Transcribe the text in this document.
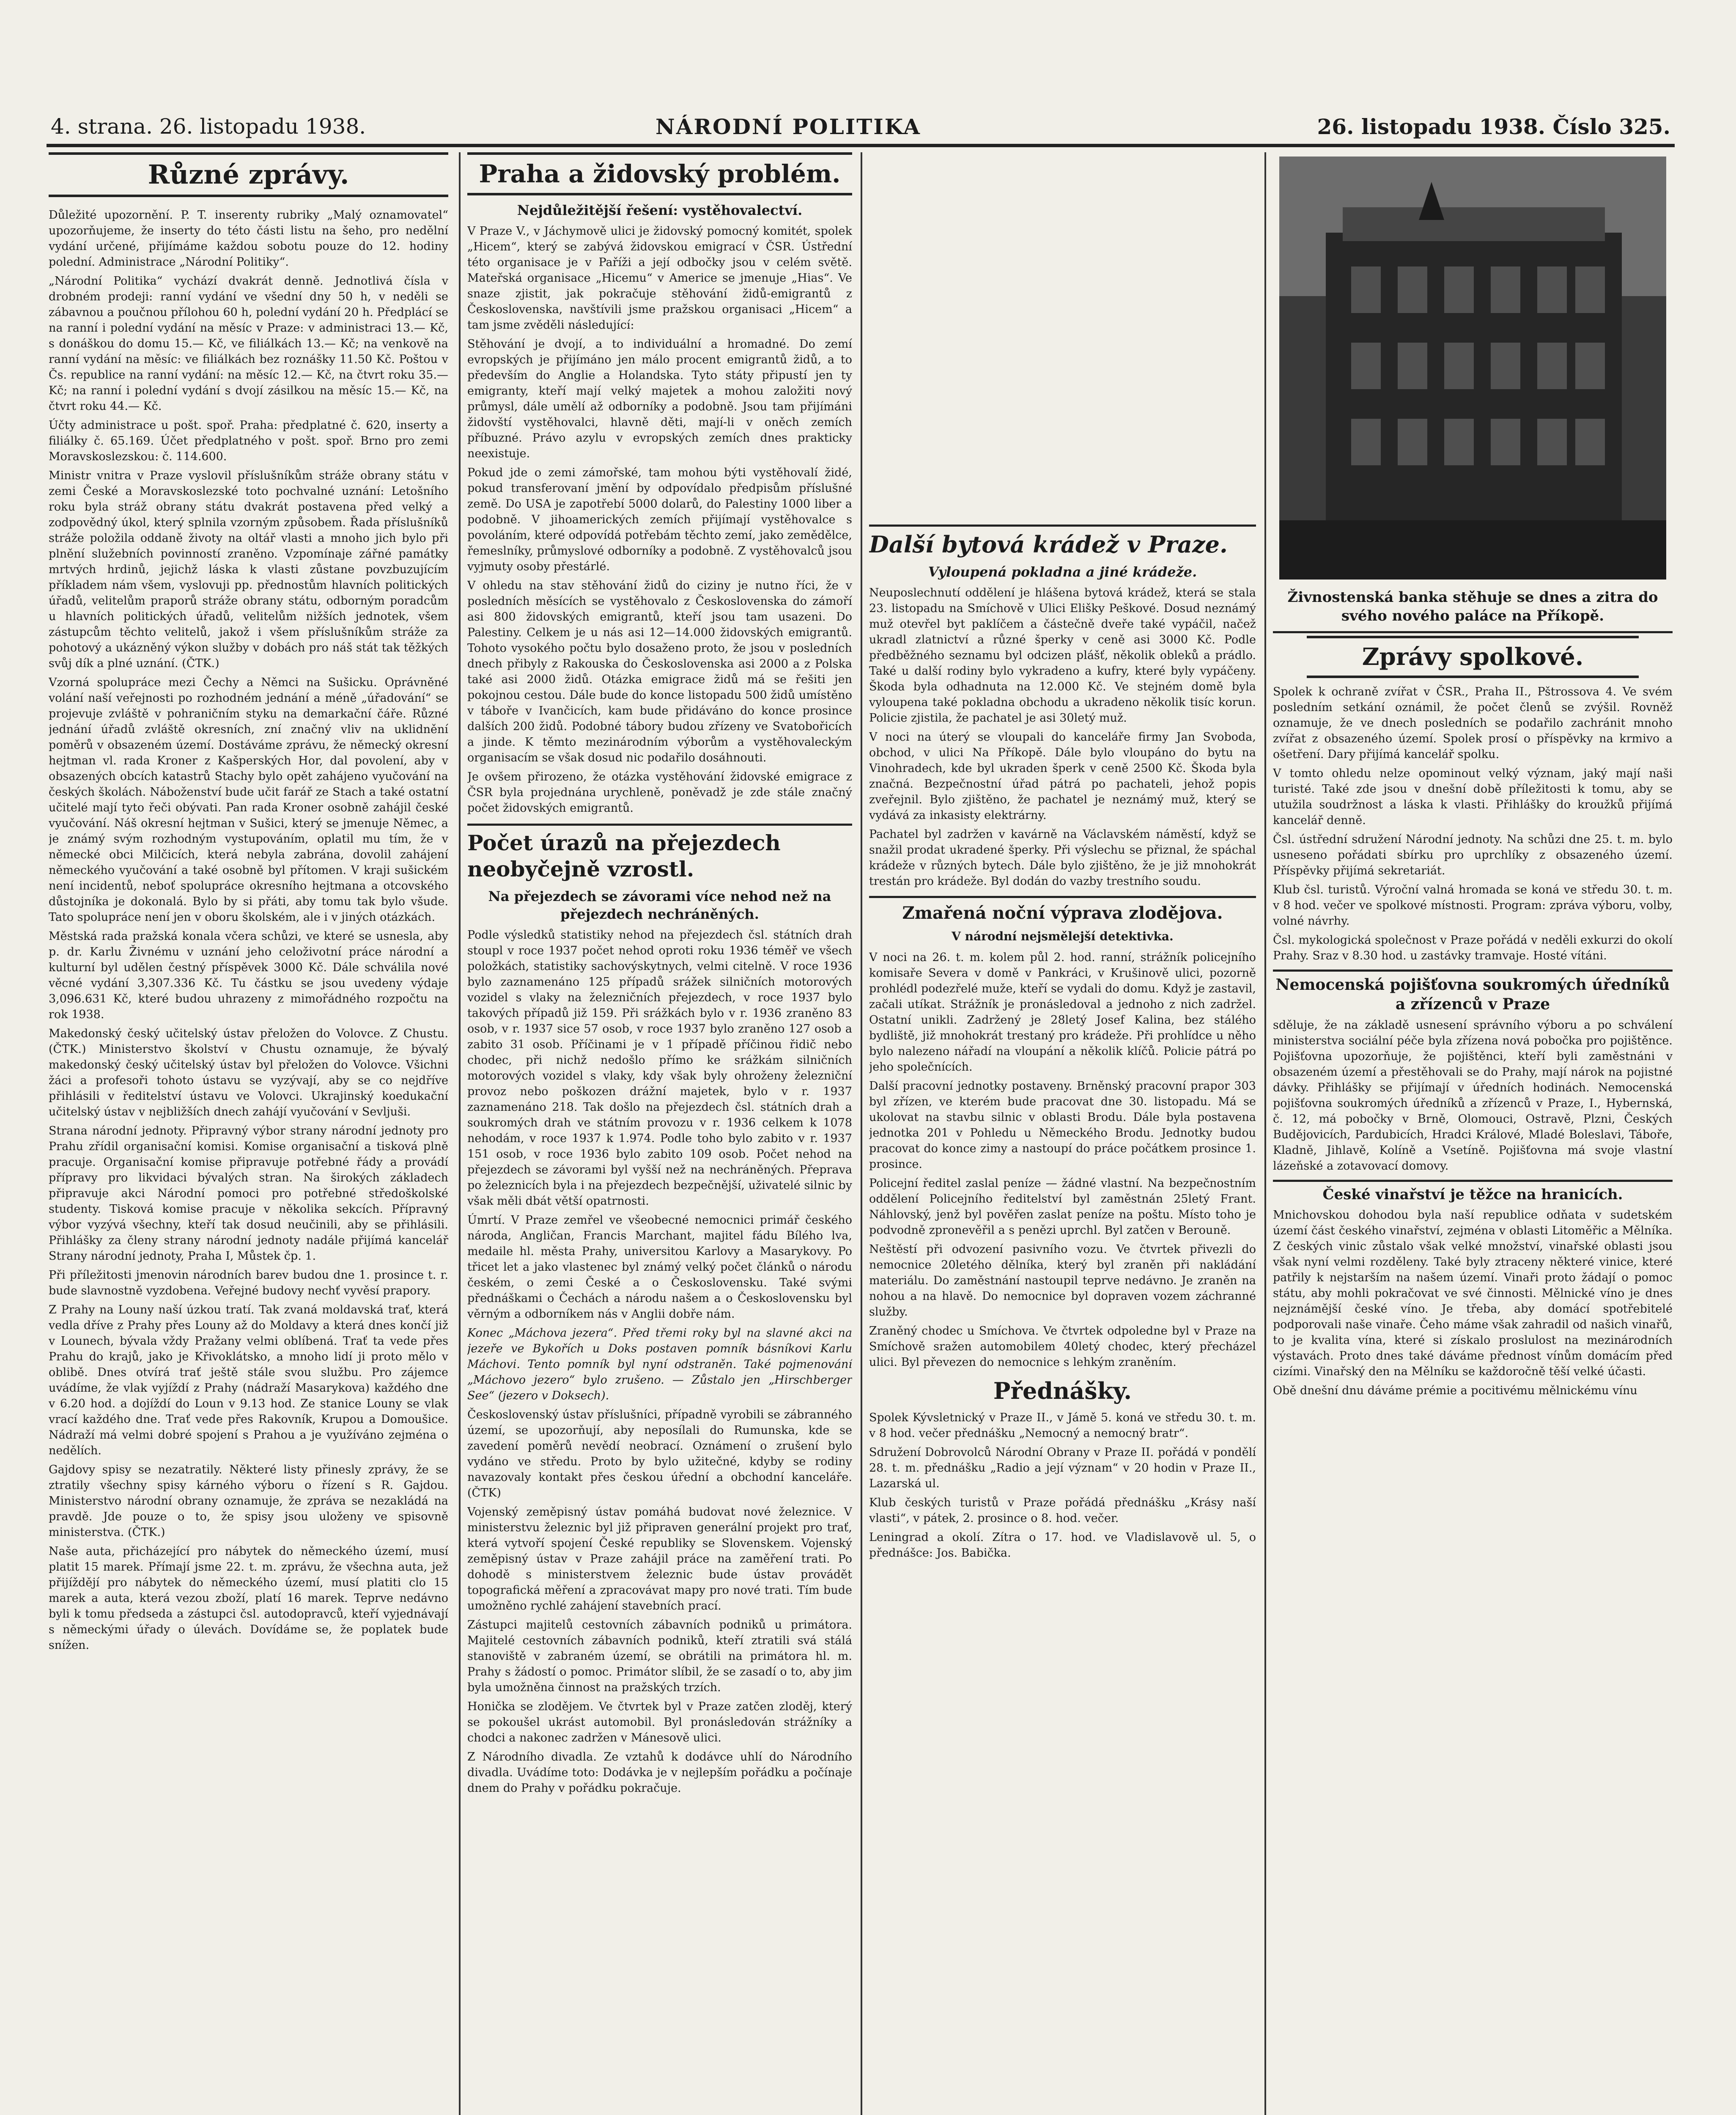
4. strana. 26. listopadu 1938.	NÁRODNÍ POLITIKA	26. listopadu 1938. Číslo 325.
Různé zprávy.

Důležité upozornění. P. T. inserenty rubriky „Malý oznamovatel“ upozorňujeme, že inserty do této části listu na šeho, pro nedělní vydání určené, přijímáme každou sobotu pouze do 12. hodiny polední. Administrace „Národní Politiky“.

„Národní Politika“ vychází dvakrát denně. Jednotlivá čísla v drobném prodeji: ranní vydání ve všední dny 50 h, v neděli se zábavnou a poučnou přílohou 60 h, polední vydání 20 h. Předplácí se na ranní i polední vydání na měsíc v Praze: v administraci 13.— Kč, s donáškou do domu 15.— Kč, ve filiálkách 13.— Kč; na venkově na ranní vydání na měsíc: ve filiálkách bez roznášky 11.50 Kč. Poštou v Čs. republice na ranní vydání: na měsíc 12.— Kč, na čtvrt roku 35.— Kč; na ranní i polední vydání s dvojí zásilkou na měsíc 15.— Kč, na čtvrt roku 44.— Kč.

Účty administrace u pošt. spoř. Praha: předplatné č. 620, inserty a filiálky č. 65.169. Účet předplatného v pošt. spoř. Brno pro zemi Moravskoslezskou: č. 114.600.

Ministr vnitra v Praze vyslovil příslušníkům stráže obrany státu v zemi České a Moravskoslezské toto pochvalné uznání: Letošního roku byla stráž obrany státu dvakrát postavena před velký a zodpovědný úkol, který splnila vzorným způsobem. Řada příslušníků stráže položila oddaně životy na oltář vlasti a mnoho jich bylo při plnění služebních povinností zraněno. Vzpomínaje zářné památky mrtvých hrdinů, jejichž láska k vlasti zůstane povzbuzujícím příkladem nám všem, vyslovuji pp. přednostům hlavních politických úřadů, velitelům praporů stráže obrany státu, odborným poradcům u hlavních politických úřadů, velitelům nižších jednotek, všem zástupcům těchto velitelů, jakož i všem příslušníkům stráže za pohotový a ukázněný výkon služby v dobách pro náš stát tak těžkých svůj dík a plné uznání. (ČTK.)

Vzorná spolupráce mezi Čechy a Němci na Sušicku. Oprávněné volání naší veřejnosti po rozhodném jednání a méně „úřadování“ se projevuje zvláště v pohraničním styku na demarkační čáře. Různé jednání úřadů zvláště okresních, zní značný vliv na uklidnění poměrů v obsazeném území. Dostáváme zprávu, že německý okresní hejtman vl. rada Kroner z Kašperských Hor, dal povolení, aby v obsazených obcích katastrů Stachy bylo opět zahájeno vyučování na českých školách. Náboženství bude učit farář ze Stach a také ostatní učitelé mají tyto řeči obývati. Pan rada Kroner osobně zahájil české vyučování. Náš okresní hejtman v Sušici, který se jmenuje Němec, a je známý svým rozhodným vystupováním, oplatil mu tím, že v německé obci Milčicích, která nebyla zabrána, dovolil zahájení německého vyučování a také osobně byl přítomen. V kraji sušickém není incidentů, neboť spolupráce okresního hejtmana a otcovského důstojníka je dokonalá. Bylo by si přáti, aby tomu tak bylo všude. Tato spolupráce není jen v oboru školském, ale i v jiných otázkách.

Městská rada pražská konala včera schůzi, ve které se usnesla, aby p. dr. Karlu Živnému v uznání jeho celoživotní práce národní a kulturní byl udělen čestný příspěvek 3000 Kč. Dále schválila nové věcné vydání 3,307.336 Kč. Tu částku se jsou uvedeny výdaje 3,096.631 Kč, které budou uhrazeny z mimořádného rozpočtu na rok 1938.

Makedonský český učitelský ústav přeložen do Volovce. Z Chustu. (ČTK.) Ministerstvo školství v Chustu oznamuje, že bývalý makedonský český učitelský ústav byl přeložen do Volovce. Všichni žáci a profesoři tohoto ústavu se vyzývají, aby se co nejdříve přihlásili v ředitelství ústavu ve Volovci. Ukrajinský koedukační učitelský ústav v nejbližších dnech zahájí vyučování v Sevljuši.

Strana národní jednoty. Připravný výbor strany národní jednoty pro Prahu zřídil organisační komisi. Komise organisační a tisková plně pracuje. Organisační komise připravuje potřebné řády a provádí přípravy pro likvidaci bývalých stran. Na širokých základech připravuje akci Národní pomoci pro potřebné středoškolské studenty. Tisková komise pracuje v několika sekcích. Přípravný výbor vyzývá všechny, kteří tak dosud neučinili, aby se přihlásili. Přihlášky za členy strany národní jednoty nadále přijímá kancelář Strany národní jednoty, Praha I, Můstek čp. 1.

Při příležitosti jmenovin národních barev budou dne 1. prosince t. r. bude slavnostně vyzdobena. Veřejné budovy nechť vyvěsí prapory.

Z Prahy na Louny naší úzkou tratí. Tak zvaná moldavská trať, která vedla dříve z Prahy přes Louny až do Moldavy a která dnes končí již v Lounech, bývala vždy Pražany velmi oblíbená. Trať ta vede přes Prahu do krajů, jako je Křivoklátsko, a mnoho lidí ji proto mělo v oblibě. Dnes otvírá trať ještě stále svou službu. Pro zájemce uvádíme, že vlak vyjíždí z Prahy (nádraží Masarykova) každého dne v 6.20 hod. a dojíždí do Loun v 9.13 hod. Ze stanice Louny se vlak vrací každého dne. Trať vede přes Rakovník, Krupou a Domoušice. Nádraží má velmi dobré spojení s Prahou a je využíváno zejména o nedělích.

Gajdovy spisy se nezatratily. Některé listy přinesly zprávy, že se ztratily všechny spisy kárného výboru o řízení s R. Gajdou. Ministerstvo národní obrany oznamuje, že zpráva se nezakládá na pravdě. Jde pouze o to, že spisy jsou uloženy ve spisovně ministerstva. (ČTK.)

Naše auta, přicházející pro nábytek do německého území, musí platit 15 marek. Přímají jsme 22. t. m. zprávu, že všechna auta, jež přijíždějí pro nábytek do německého území, musí platiti clo 15 marek a auta, která vezou zboží, platí 16 marek. Teprve nedávno byli k tomu předseda a zástupci čsl. autodopravců, kteří vyjednávají s německými úřady o úlevách. Dovídáme se, že poplatek bude snížen.

Praha a židovský problém.
Nejdůležitější řešení: vystěhovalectví.

V Praze V., v Jáchymově ulici je židovský pomocný komitét, spolek „Hicem“, který se zabývá židovskou emigrací v ČSR. Ústřední této organisace je v Paříži a její odbočky jsou v celém světě. Mateřská organisace „Hicemu“ v Americe se jmenuje „Hias“. Ve snaze zjistit, jak pokračuje stěhování židů-emigrantů z Československa, navštívili jsme pražskou organisaci „Hicem“ a tam jsme zvěděli následující:

Stěhování je dvojí, a to individuální a hromadné. Do zemí evropských je přijímáno jen málo procent emigrantů židů, a to především do Anglie a Holandska. Tyto státy připustí jen ty emigranty, kteří mají velký majetek a mohou založiti nový průmysl, dále umělí až odborníky a podobně. Jsou tam přijímáni židovští vystěhovalci, hlavně děti, mají-li v oněch zemích příbuzné. Právo azylu v evropských zemích dnes prakticky neexistuje.

Pokud jde o zemi zámořské, tam mohou býti vystěhovalí židé, pokud transferovaní jmění by odpovídalo předpisům příslušné země. Do USA je zapotřebí 5000 dolarů, do Palestiny 1000 liber a podobně. V jihoamerických zemích přijímají vystěhovalce s povoláním, které odpovídá potřebám těchto zemí, jako zemědělce, řemeslníky, průmyslové odborníky a podobně. Z vystěhovalců jsou vyjmuty osoby přestárlé.

V ohledu na stav stěhování židů do ciziny je nutno říci, že v posledních měsících se vystěhovalo z Československa do zámoří asi 800 židovských emigrantů, kteří jsou tam usazeni. Do Palestiny. Celkem je u nás asi 12—14.000 židovských emigrantů. Tohoto vysokého počtu bylo dosaženo proto, že jsou v posledních dnech přibyly z Rakouska do Československa asi 2000 a z Polska také asi 2000 židů. Otázka emigrace židů má se řešiti jen pokojnou cestou. Dále bude do konce listopadu 500 židů umístěno v táboře v Ivančicích, kam bude přidáváno do konce prosince dalších 200 židů. Podobné tábory budou zřízeny ve Svatobořicích a jinde. K těmto mezinárodním výborům a vystěhovaleckým organisacím se však dosud nic podařilo dosáhnouti.

Je ovšem přirozeno, že otázka vystěhování židovské emigrace z ČSR byla projednána urychleně, poněvadž je zde stále značný počet židovských emigrantů.

Počet úrazů na přejezdech neobyčejně vzrostl.
Na přejezdech se závorami více nehod než na přejezdech nechráněných.

Podle výsledků statistiky nehod na přejezdech čsl. státních drah stoupl v roce 1937 počet nehod oproti roku 1936 téměř ve všech položkách, statistiky sachovýskytnych, velmi citelně. V roce 1936 bylo zaznamenáno 125 případů srážek silničních motorových vozidel s vlaky na železničních přejezdech, v roce 1937 bylo takových případů již 159. Při srážkách bylo v r. 1936 zraněno 83 osob, v r. 1937 sice 57 osob, v roce 1937 bylo zraněno 127 osob a zabito 31 osob. Příčinami je v 1 případě příčinou řidič nebo chodec, při nichž nedošlo přímo ke srážkám silničních motorových vozidel s vlaky, kdy však byly ohroženy železniční provoz nebo poškozen drážní majetek, bylo v r. 1937 zaznamenáno 218. Tak došlo na přejezdech čsl. státních drah a soukromých drah ve státním provozu v r. 1936 celkem k 1078 nehodám, v roce 1937 k 1.974. Podle toho bylo zabito v r. 1937 151 osob, v roce 1936 bylo zabito 109 osob. Počet nehod na přejezdech se závorami byl vyšší než na nechráněných. Přeprava po železnicích byla i na přejezdech bezpečnější, uživatelé silnic by však měli dbát větší opatrnosti.

Úmrtí. V Praze zemřel ve všeobecné nemocnici primář českého národa, Angličan, Francis Marchant, majitel fádu Bílého lva, medaile hl. města Prahy, universitou Karlovy a Masarykovy. Po třicet let a jako vlastenec byl známý velký počet článků o národu českém, o zemi České a o Československu. Také svými přednáškami o Čechách a národu našem a o Československu byl věrným a odborníkem nás v Anglii dobře nám.

Konec „Máchova jezera“. Před třemi roky byl na slavné akci na jezeře ve Bykořích u Doks postaven pomník básníkovi Karlu Máchovi. Tento pomník byl nyní odstraněn. Také pojmenování „Máchovo jezero“ bylo zrušeno. — Zůstalo jen „Hirschberger See“ (jezero v Doksech).

Československý ústav příslušníci, případně vyrobili se zábranného území, se upozorňují, aby neposílali do Rumunska, kde se zavedení poměrů nevědí neobrací. Oznámení o zrušení bylo vydáno ve středu. Proto by bylo užitečné, kdyby se rodiny navazovaly kontakt přes českou úřední a obchodní kanceláře. (ČTK)

Vojenský zeměpisný ústav pomáhá budovat nové železnice. V ministerstvu železnic byl již připraven generální projekt pro trať, která vytvoří spojení České republiky se Slovenskem. Vojenský zeměpisný ústav v Praze zahájil práce na zaměření trati. Po dohodě s ministerstvem železnic bude ústav provádět topografická měření a zpracovávat mapy pro nové trati. Tím bude umožněno rychlé zahájení stavebních prací.

Zástupci majitelů cestovních zábavních podniků u primátora. Majitelé cestovních zábavních podniků, kteří ztratili svá stálá stanoviště v zabraném území, se obrátili na primátora hl. m. Prahy s žádostí o pomoc. Primátor slíbil, že se zasadí o to, aby jim byla umožněna činnost na pražských trzích.

Honička se zlodějem. Ve čtvrtek byl v Praze zatčen zloděj, který se pokoušel ukrást automobil. Byl pronásledován strážníky a chodci a nakonec zadržen v Mánesově ulici.

Z Národního divadla. Ze vztahů k dodávce uhlí do Národního divadla. Uvádíme toto: Dodávka je v nejlepším pořádku a počínaje dnem do Prahy v pořádku pokračuje.

Další bytová krádež v Praze.
Vyloupená pokladna a jiné krádeže.

Neuposlechnutí oddělení je hlášena bytová krádež, která se stala 23. listopadu na Smíchově v Ulici Elišky Peškové. Dosud neznámý muž otevřel byt paklíčem a částečně dveře také vypáčil, načež ukradl zlatnictví a různé šperky v ceně asi 3000 Kč. Podle předběžného seznamu byl odcizen plášť, několik obleků a prádlo. Také u další rodiny bylo vykradeno a kufry, které byly vypáčeny. Škoda byla odhadnuta na 12.000 Kč. Ve stejném domě byla vyloupena také pokladna obchodu a ukradeno několik tisíc korun. Policie zjistila, že pachatel je asi 30letý muž.

V noci na úterý se vloupali do kanceláře firmy Jan Svoboda, obchod, v ulici Na Příkopě. Dále bylo vloupáno do bytu na Vinohradech, kde byl ukraden šperk v ceně 2500 Kč. Škoda byla značná. Bezpečnostní úřad pátrá po pachateli, jehož popis zveřejnil. Bylo zjištěno, že pachatel je neznámý muž, který se vydává za inkasisty elektrárny.

Pachatel byl zadržen v kavárně na Václavském náměstí, když se snažil prodat ukradené šperky. Při výslechu se přiznal, že spáchal krádeže v různých bytech. Dále bylo zjištěno, že je již mnohokrát trestán pro krádeže. Byl dodán do vazby trestního soudu.

Zmařená noční výprava zlodějova.
V národní nejsmělejší detektivka.

V noci na 26. t. m. kolem půl 2. hod. ranní, strážník policejního komisaře Severa v domě v Pankráci, v Krušinově ulici, pozorně prohlédl podezřelé muže, kteří se vydali do domu. Když je zastavil, začali utíkat. Strážník je pronásledoval a jednoho z nich zadržel. Ostatní unikli. Zadržený je 28letý Josef Kalina, bez stálého bydliště, již mnohokrát trestaný pro krádeže. Při prohlídce u něho bylo nalezeno nářadí na vloupání a několik klíčů. Policie pátrá po jeho společnících.

Další pracovní jednotky postaveny. Brněnský pracovní prapor 303 byl zřízen, ve kterém bude pracovat dne 30. listopadu. Má se ukolovat na stavbu silnic v oblasti Brodu. Dále byla postavena jednotka 201 v Pohledu u Německého Brodu. Jednotky budou pracovat do konce zimy a nastoupí do práce počátkem prosince 1. prosince.

Policejní ředitel zaslal peníze — žádné vlastní. Na bezpečnostním oddělení Policejního ředitelství byl zaměstnán 25letý Frant. Náhlovský, jenž byl pověřen zaslat peníze na poštu. Místo toho je podvodně zpronevěřil a s penězi uprchl. Byl zatčen v Berouně.

Neštěstí při odvození pasivního vozu. Ve čtvrtek přivezli do nemocnice 20letého dělníka, který byl zraněn při nakládání materiálu. Do zaměstnání nastoupil teprve nedávno. Je zraněn na nohou a na hlavě. Do nemocnice byl dopraven vozem záchranné služby.

Zraněný chodec u Smíchova. Ve čtvrtek odpoledne byl v Praze na Smíchově sražen automobilem 40letý chodec, který přecházel ulici. Byl převezen do nemocnice s lehkým zraněním.

Přednášky.

Spolek Kývsletnický v Praze II., v Jámě 5. koná ve středu 30. t. m. v 8 hod. večer přednášku „Nemocný a nemocný bratr“.

Sdružení Dobrovolců Národní Obrany v Praze II. pořádá v pondělí 28. t. m. přednášku „Radio a její význam“ v 20 hodin v Praze II., Lazarská ul.

Klub českých turistů v Praze pořádá přednášku „Krásy naší vlasti“, v pátek, 2. prosince o 8. hod. večer.

Leningrad a okolí. Zítra o 17. hod. ve Vladislavově ul. 5, o přednášce: Jos. Babička.

Živnostenská banka stěhuje se dnes a zitra do svého nového paláce na Příkopě.
Zprávy spolkové.

Spolek k ochraně zvířat v ČSR., Praha II., Pštrossova 4. Ve svém posledním setkání oznámil, že počet členů se zvýšil. Rovněž oznamuje, že ve dnech posledních se podařilo zachránit mnoho zvířat z obsazeného území. Spolek prosí o příspěvky na krmivo a ošetření. Dary přijímá kancelář spolku.

V tomto ohledu nelze opominout velký význam, jaký mají naši turisté. Také zde jsou v dnešní době příležitosti k tomu, aby se utužila soudržnost a láska k vlasti. Přihlášky do kroužků přijímá kancelář denně.

Čsl. ústřední sdružení Národní jednoty. Na schůzi dne 25. t. m. bylo usneseno pořádati sbírku pro uprchlíky z obsazeného území. Příspěvky přijímá sekretariát.

Klub čsl. turistů. Výroční valná hromada se koná ve středu 30. t. m. v 8 hod. večer ve spolkové místnosti. Program: zpráva výboru, volby, volné návrhy.

Čsl. mykologická společnost v Praze pořádá v neděli exkurzi do okolí Prahy. Sraz v 8.30 hod. u zastávky tramvaje. Hosté vítáni.

Nemocenská pojišťovna soukromých úředníků a zřízenců v Praze

sděluje, že na základě usnesení správního výboru a po schválení ministerstva sociální péče byla zřízena nová pobočka pro pojištěnce. Pojišťovna upozorňuje, že pojištěnci, kteří byli zaměstnáni v obsazeném území a přestěhovali se do Prahy, mají nárok na pojistné dávky. Přihlášky se přijímají v úředních hodinách. Nemocenská pojišťovna soukromých úředníků a zřízenců v Praze, I., Hybernská, č. 12, má pobočky v Brně, Olomouci, Ostravě, Plzni, Českých Budějovicích, Pardubicích, Hradci Králové, Mladé Boleslavi, Táboře, Kladně, Jihlavě, Kolíně a Vsetíně. Pojišťovna má svoje vlastní lázeňské a zotavovací domovy.

České vinařství je těžce na hranicích.

Mnichovskou dohodou byla naší republice odňata v sudetském území část českého vinařství, zejména v oblasti Litoměřic a Mělníka. Z českých vinic zůstalo však velké množství, vinařské oblasti jsou však nyní velmi rozděleny. Také byly ztraceny některé vinice, které patřily k nejstarším na našem území. Vinaři proto žádají o pomoc státu, aby mohli pokračovat ve své činnosti. Mělnické víno je dnes nejznámější české víno. Je třeba, aby domácí spotřebitelé podporovali naše vinaře. Čeho máme však zahradil od našich vinařů, to je kvalita vína, které si získalo proslulost na mezinárodních výstavách. Proto dnes také dáváme přednost vínům domácím před cizími. Vinařský den na Mělníku se každoročně těší velké účasti.

Obě dnešní dnu dáváme prémie a pocitivému mělnickému vínu
